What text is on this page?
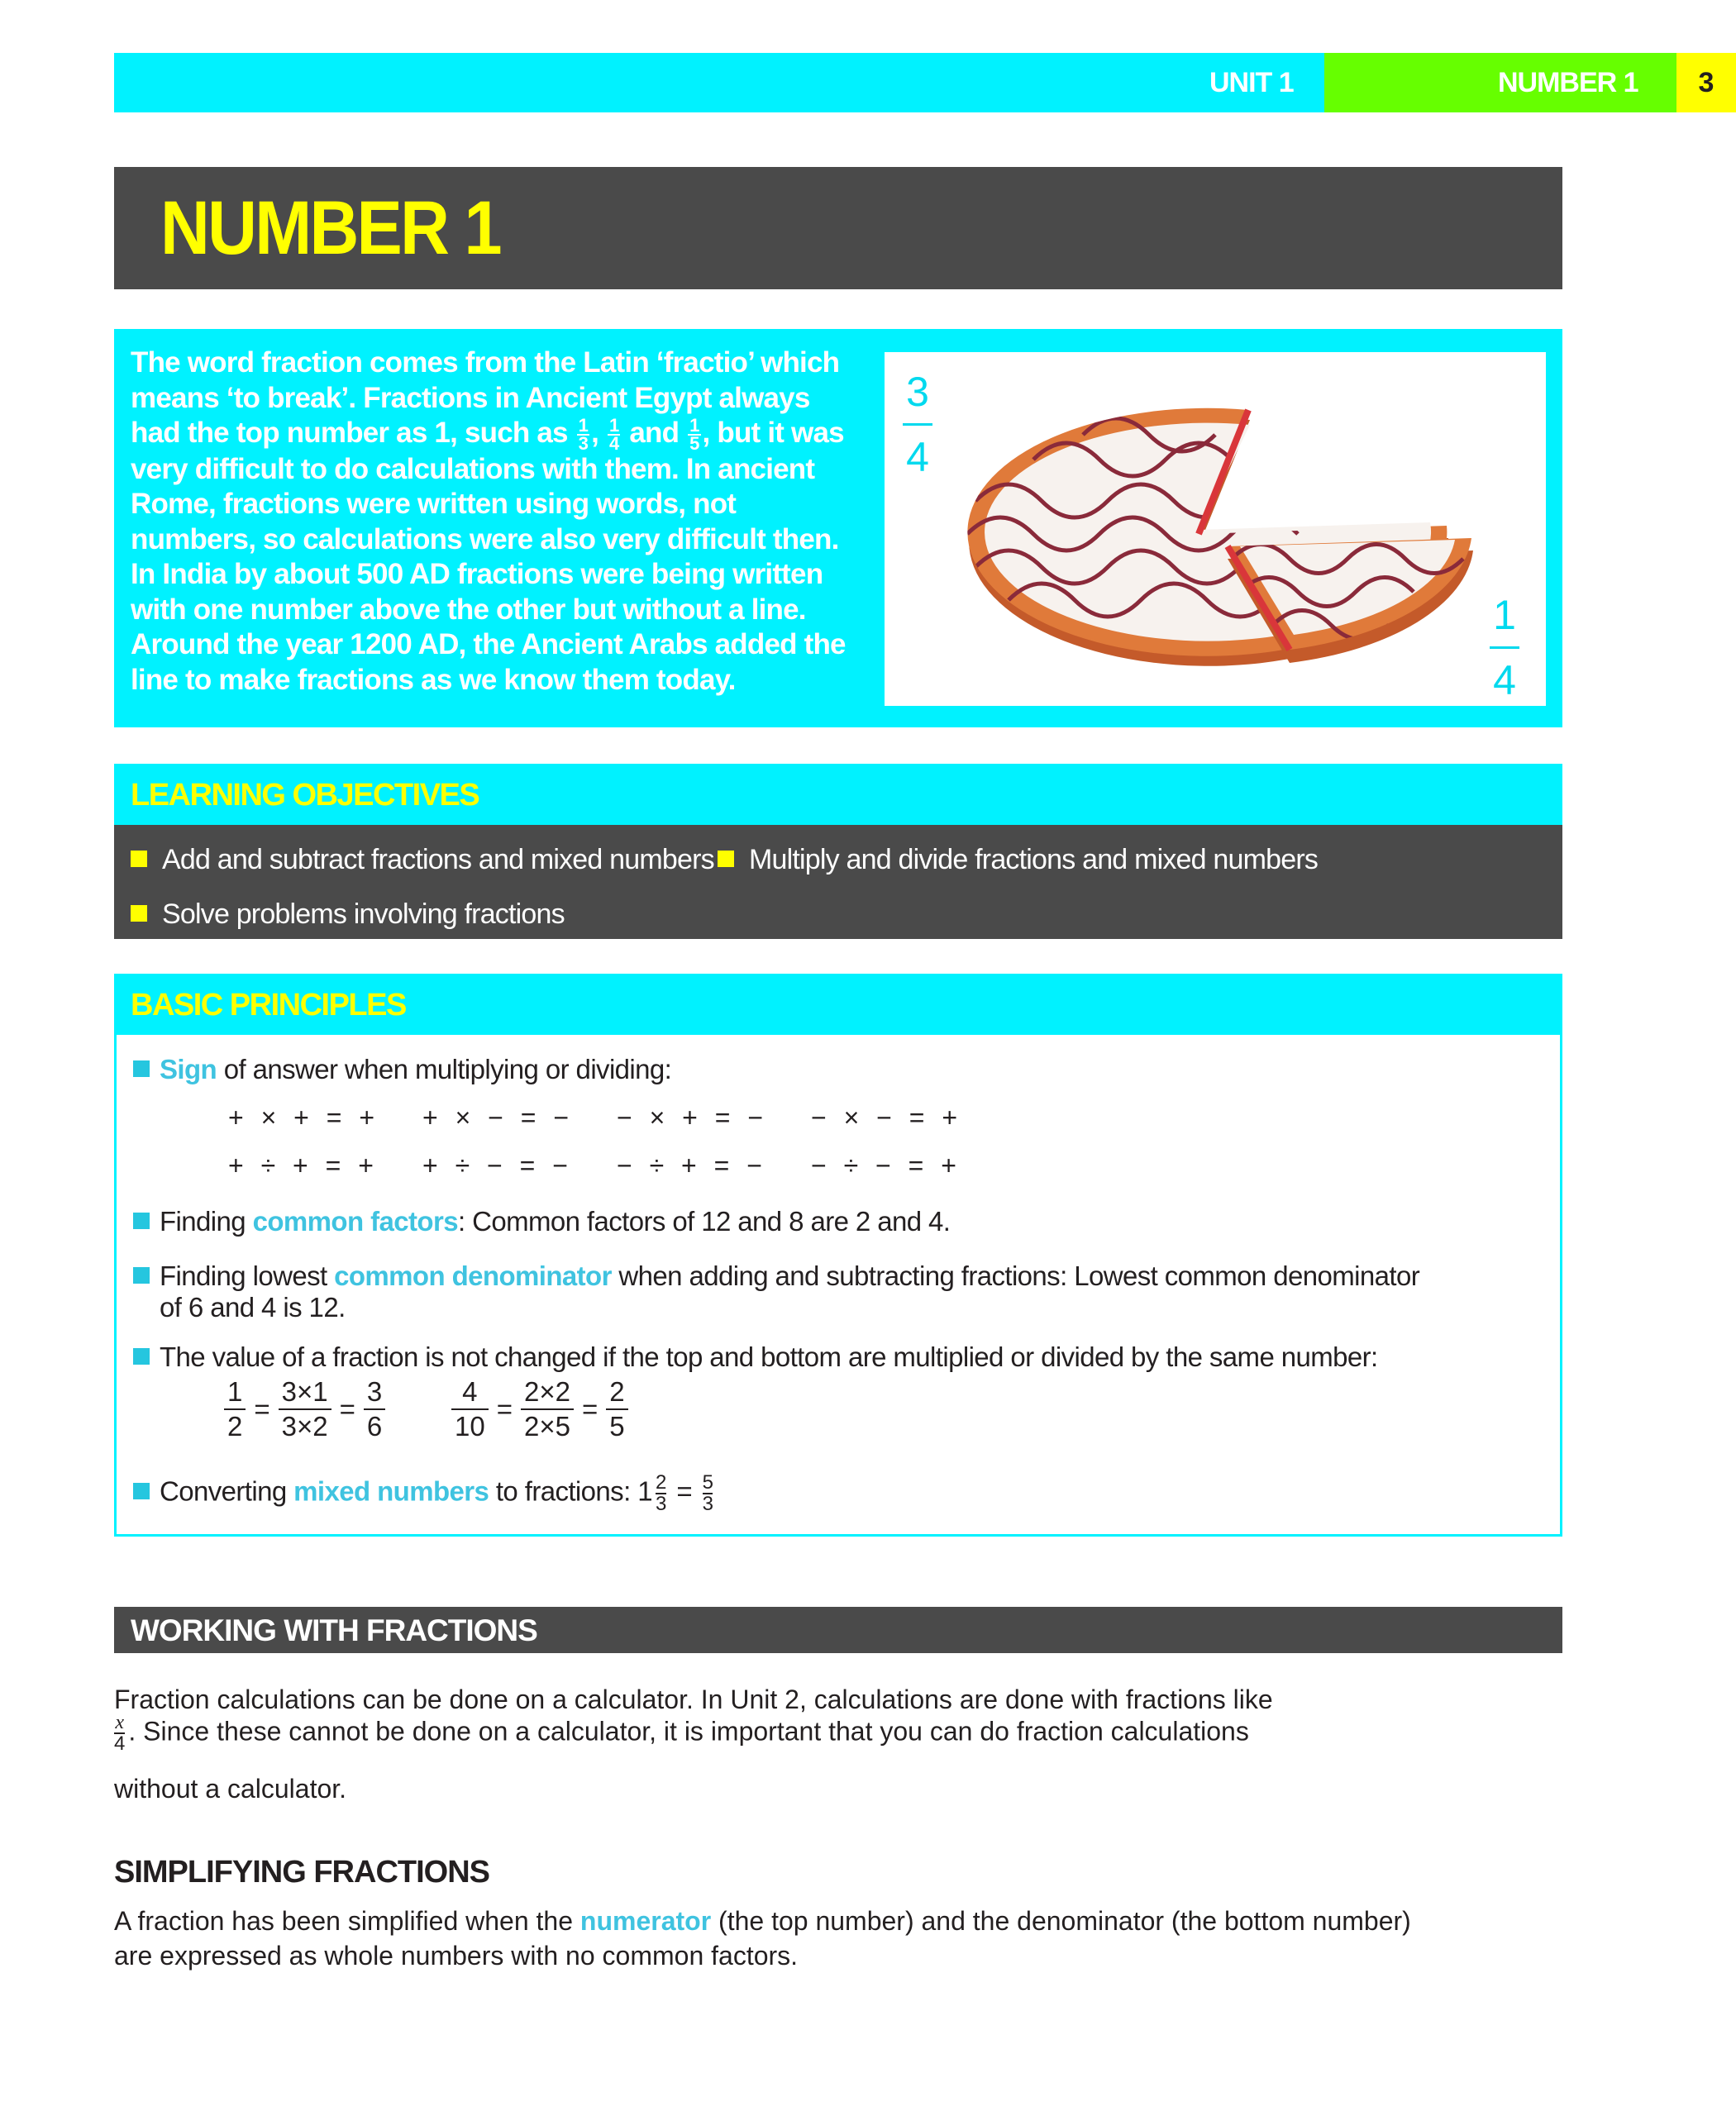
UNIT 1	NUMBER 1	3
NUMBER 1
The word fraction comes from the Latin ‘fractio’ which means ‘to break’. Fractions in Ancient Egypt always had the top number as 1, such as $\frac{1}{3}$ , $\frac{1}{4}$ and $\frac{1}{5}$ , but it was very difficult to do calculations with them. In ancient Rome, fractions were written using words, not numbers, so calculations were also very difficult then. In India by about 500 AD fractions were being written with one number above the other but without a line. Around the year 1200 AD, the Ancient Arabs added the line to make fractions as we know them today.
3
4
1
4
LEARNING OBJECTIVES
Add and subtract fractions and mixed numbers	Multiply and divide fractions and mixed numbers
Solve problems involving fractions
BASIC PRINCIPLES
Sign of answer when multiplying or dividing:
+ × + = + + × − = − − × + = − − × − = +
+ ÷ + = + + ÷ − = − − ÷ + = − − ÷ − = +
Finding common factors: Common factors of 12 and 8 are 2 and 4.
Finding lowest common denominator when adding and subtracting fractions: Lowest common denominator
of 6 and 4 is 12.
The value of a fraction is not changed if the top and bottom are multiplied or divided by the same number:
$\frac{1}{2} = \frac{3\times 1}{3\times 2} = \frac{3}{6} \frac{4}{10} = \frac{2\times 2}{2\times 5} = \frac{2}{5}$
Converting mixed numbers to fractions: $1 \frac{2}{3} = \frac{5}{3}$
WORKING WITH FRACTIONS
Fraction calculations can be done on a calculator. In Unit 2, calculations are done with fractions like
$\frac{x}{4}$ . Since these cannot be done on a calculator, it is important that you can do fraction calculations
without a calculator.
SIMPLIFYING FRACTIONS
A fraction has been simplified when the numerator (the top number) and the denominator (the bottom number)
are expressed as whole numbers with no common factors.
